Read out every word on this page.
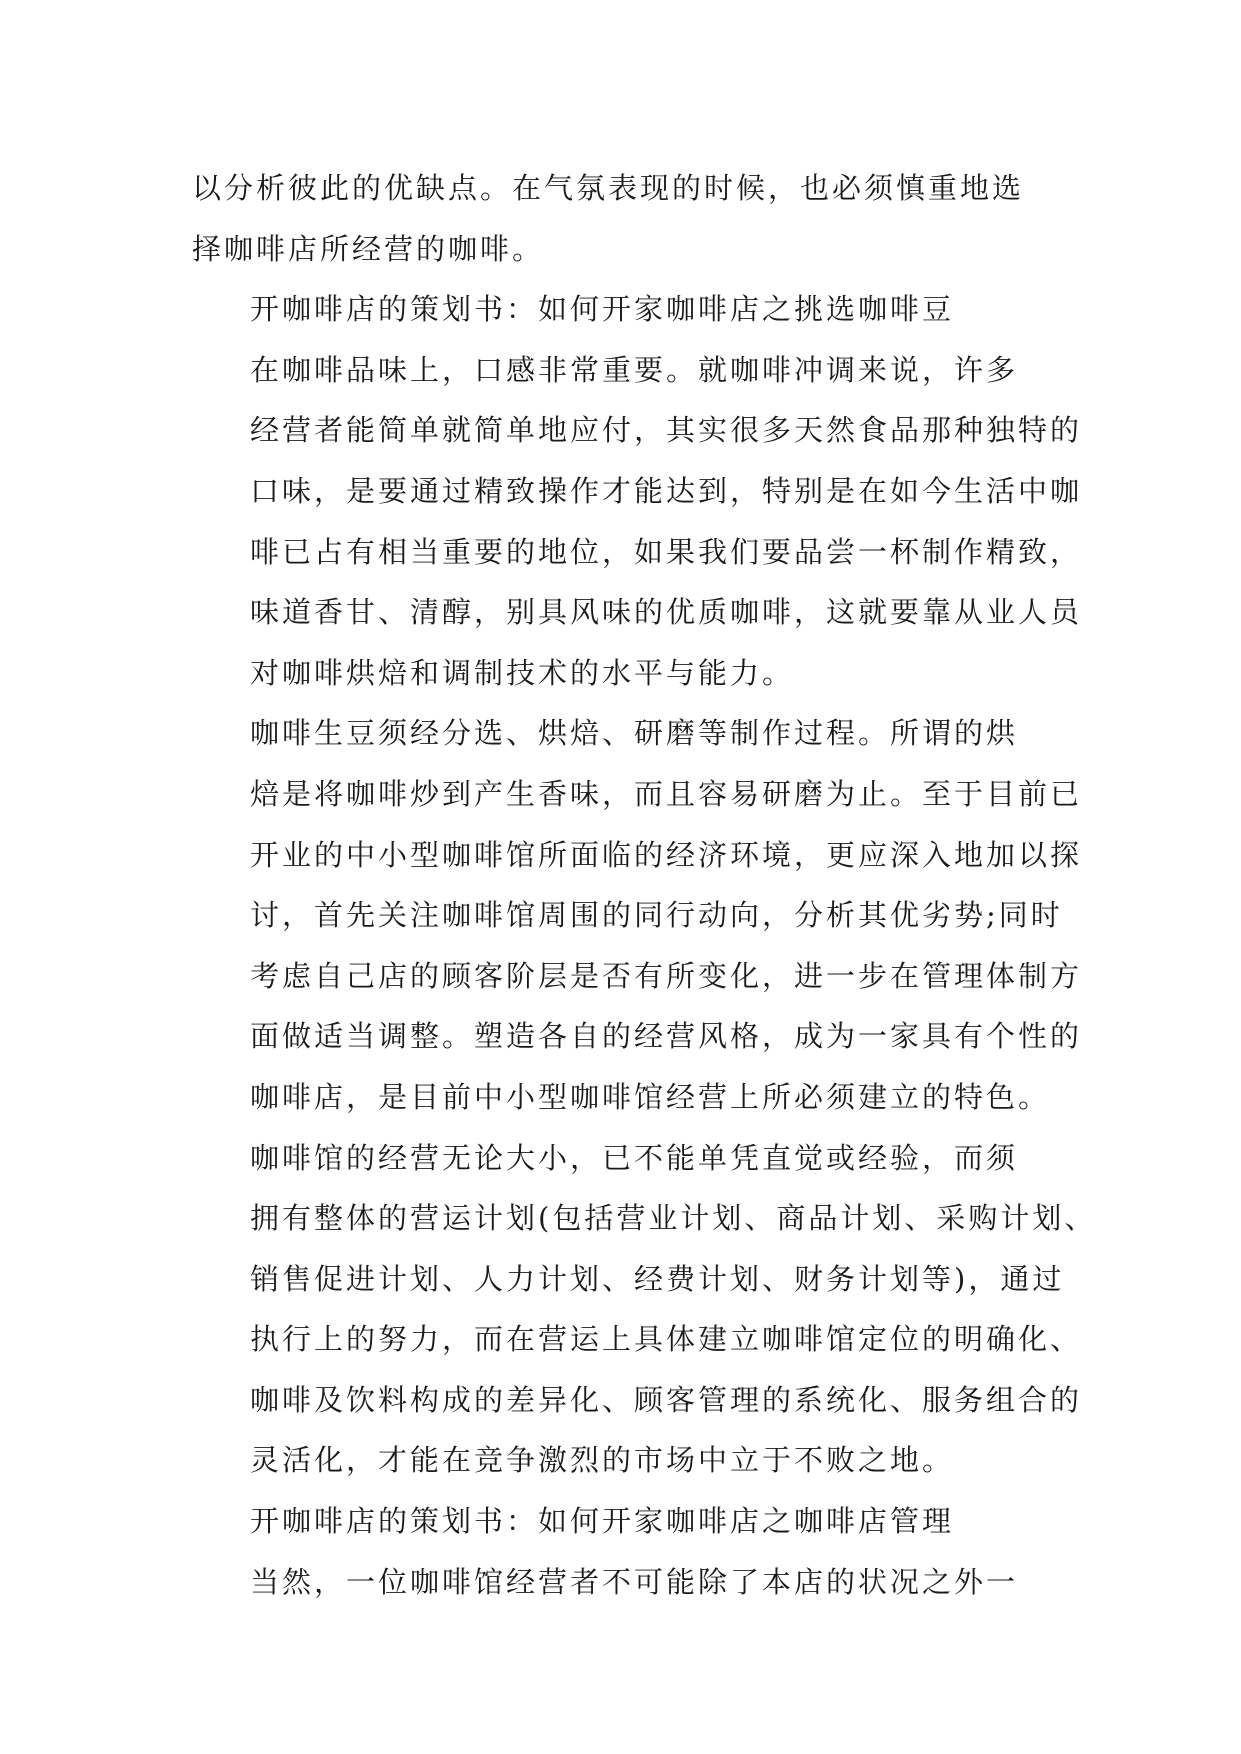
以分析彼此的优缺点。在气氛表现的时候，也必须慎重地选
择咖啡店所经营的咖啡。
开咖啡店的策划书：如何开家咖啡店之挑选咖啡豆
在咖啡品味上，口感非常重要。就咖啡冲调来说，许多
经营者能简单就简单地应付，其实很多天然食品那种独特的
口味，是要通过精致操作才能达到，特别是在如今生活中咖
啡已占有相当重要的地位，如果我们要品尝一杯制作精致，
味道香甘、清醇，别具风味的优质咖啡，这就要靠从业人员
对咖啡烘焙和调制技术的水平与能力。
咖啡生豆须经分选、烘焙、研磨等制作过程。所谓的烘
焙是将咖啡炒到产生香味，而且容易研磨为止。至于目前已
开业的中小型咖啡馆所面临的经济环境，更应深入地加以探
讨，首先关注咖啡馆周围的同行动向，分析其优劣势;同时
考虑自己店的顾客阶层是否有所变化，进一步在管理体制方
面做适当调整。塑造各自的经营风格，成为一家具有个性的
咖啡店，是目前中小型咖啡馆经营上所必须建立的特色。
咖啡馆的经营无论大小，已不能单凭直觉或经验，而须
拥有整体的营运计划(包括营业计划、商品计划、采购计划、
销售促进计划、人力计划、经费计划、财务计划等)，通过
执行上的努力，而在营运上具体建立咖啡馆定位的明确化、
咖啡及饮料构成的差异化、顾客管理的系统化、服务组合的
灵活化，才能在竞争激烈的市场中立于不败之地。
开咖啡店的策划书：如何开家咖啡店之咖啡店管理
当然，一位咖啡馆经营者不可能除了本店的状况之外一
